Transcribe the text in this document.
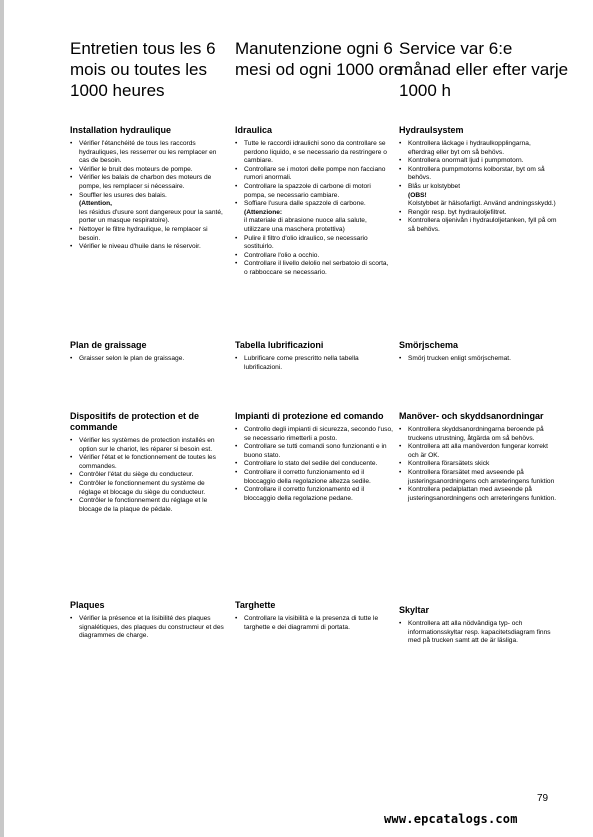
Entretien tous les 6 mois ou toutes les 1000 heures
Installation hydraulique
• Vérifier l'étanchéité de tous les raccords hydrauliques, les resserrer ou les remplacer en cas de besoin.
• Vérifier le bruit des moteurs de pompe.
• Vérifier les balais de charbon des moteurs de pompe, les remplacer si nécessaire.
• Souffler les usures des balais.
(Attention,
les résidus d'usure sont dangereux pour la santé, porter un masque respiratoire).
• Nettoyer le filtre hydraulique, le remplacer si besoin.
• Vérifier le niveau d'huile dans le réservoir.
Plan de graissage
• Graisser selon le plan de graissage.
Dispositifs de protection et de commande
• Vérifier les systèmes de protection installés en option sur le chariot, les réparer si besoin est.
• Vérifier l'état et le fonctionnement de toutes les commandes.
• Contrôler l'état du siège du conducteur.
• Contrôler le fonctionnement du système de réglage et blocage du siège du conducteur.
• Contrôler le fonctionnement du réglage et le blocage de la plaque de pédale.
Plaques
• Vérifier la présence et la lisibilité des plaques signalétiques, des plaques du constructeur et des diagrammes de charge.
Manutenzione ogni 6 mesi od ogni 1000 ore
Idraulica
• Tutte le raccordi idraulichi sono da controllare se perdono liquido, e se necessario da restringere o cambiare.
• Controllare se i motori delle pompe non facciano rumori anormali.
• Controllare la spazzole di carbone di motori pompa, se necessario cambiare.
• Soffiare l'usura dalle spazzole di carbone.
(Attenzione:
il materiale di abrasione nuoce alla salute, utilizzare una maschera protettiva)
• Pulire il filtro d'olio idraulico, se necessario sostituirlo.
• Controllare l'olio a occhio.
• Controllare il livello delolio nel serbatoio di scorta, o rabboccare se necessario.
Tabella lubrificazioni
• Lubrificare come prescritto nella tabella lubrificazioni.
Impianti di protezione ed comando
• Controllo degli impianti di sicurezza, secondo l'uso, se necessario rimetterli a posto.
• Controllare se tutti comandi sono funzionanti e in buono stato.
• Controllare lo stato del sedile del conducente.
• Controllare il corretto funzionamento ed il bloccaggio della regolazione altezza sedile.
• Controllare il corretto funzionamento ed il bloccaggio della regolazione pedane.
Targhette
• Controllare la visibilità e la presenza di tutte le targhette e dei diagrammi di portata.
Service var 6:e månad eller efter varje 1000 h
Hydraulsystem
• Kontrollera läckage i hydraulkopplingarna, efterdrag eller byt om så behövs.
• Kontrollera onormalt ljud i pumpmotorn.
• Kontrollera pumpmotorns kolborstar, byt om så behövs.
• Blås ur kolstybbet
(OBS!
Kolstybbet är hälsofarligt. Använd andningsskydd.)
• Rengör resp. byt hydrauloljefiltret.
• Kontrollera oljenivån i hydrauloljetanken, fyll på om så behövs.
Smörjschema
• Smörj trucken enligt smörjschemat.
Manöver- och skyddsanordningar
• Kontrollera skyddsanordningarna beroende på truckens utrustning, åtgärda om så behövs.
• Kontrollera att alla manöverdon fungerar korrekt och är OK.
• Kontrollera förarsätets skick
• Kontrollera förarsätet med avseende på justeringsanordningens och arreteringens funktion
• Kontrollera pedalplattan med avseende på justeringsanordningens och arreteringens funktion.
Skyltar
• Kontrollera att alla nödvändiga typ- och informationsskyltar resp. kapacitetsdiagram finns med på trucken samt att de är läsliga.
79
www.epcatalogs.com
